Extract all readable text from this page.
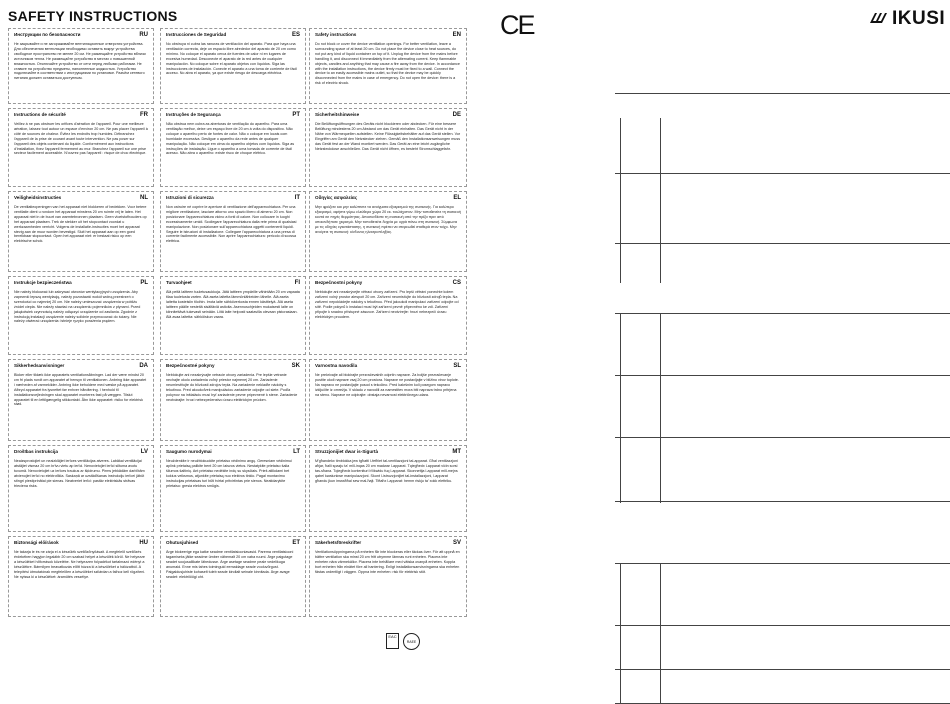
SAFETY INSTRUCTIONS
Инструкции по безопасности	RU
Не закрывайте и не загораживайте вентиляционные отверстия устройства. Для обеспечения вентиляции необходимо оставить вокруг устройства свободное пространство не менее 20 см. Не размещайте устройство вблизи источников тепла. Не размещайте устройство в местах с повышенной влажностью. Отключайте устройство от сети перед любыми работами. Не ставьте на устройство предметы, наполненные жидкостью. Устройство подключайте в соответствии с инструкциями по установке. Разъём сетевого питания должен оставаться доступным.
Instrucciones de Seguridad	ES
No obstruya ni cubra las ranuras de ventilación del aparato. Para que haya una ventilación correcta, deje un espacio libre alrededor del aparato de 20 cm como mínimo. No coloque el aparato cerca de fuentes de calor ni en lugares de excesiva humedad. Desconecte el aparato de la red antes de cualquier manipulación. No coloque sobre el aparato objetos con líquidos. Siga las instrucciones de instalación. Conecte el aparato a una toma de corriente de fácil acceso. No abra el aparato, ya que existe riesgo de descarga eléctrica.
Safety instructions	EN
Do not block or cover the device ventilation openings. For better ventilation, leave a surrounding space of at least 20 cm. Do not place the device close to heat sources, do not put any kind of liquid container on top of it. Unplug the device from the mains before handling it, and disconnect it immediately from the alternating current. Keep flammable objects, candles and anything that may cause a fire away from the device. In accordance with the installation instructions, the device firmly must be fixed to a wall. Connect the device to an easily accessible mains outlet, so that the device may be quickly disconnected from the mains in case of emergency. Do not open the device: there is a risk of electric shock.
Instructions de sécurité	FR
Veillez à ne pas obstruer les orifices d'aération de l'appareil. Pour une meilleure aération, laissez tout autour un espace d'environ 20 cm. Ne pas placer l'appareil à côté de sources de chaleur. Évitez les endroits trop humides. Débranchez l'appareil de la prise de courant avant toute intervention. Ne pas poser sur l'appareil des objets contenant du liquide. Conformément aux instructions d'installation, fixez l'appareil fermement au mur. Branchez l'appareil sur une prise secteur facilement accessible. N'ouvrez pas l'appareil : risque de choc électrique.
Instruções de Segurança	PT
Não obstrua nem cubra as aberturas de ventilação do aparelho. Para uma ventilação melhor, deixe um espaço livre de 20 cm à volta do dispositivo. Não coloque o aparelho perto de fontes de calor. Não o coloque em locais com humidade excessiva. Desligue o aparelho da rede antes de qualquer manipulação. Não coloque em cima do aparelho objetos com líquidos. Siga as instruções de instalação. Ligue o aparelho a uma tomada de corrente de fácil acesso. Não abra o aparelho: existe risco de choque elétrico.
Sicherheitshinweise	DE
Die Belüftungsöffnungen des Geräts nicht blockieren oder abdecken. Für eine bessere Belüftung mindestens 20 cm Abstand um das Gerät einhalten. Das Gerät nicht in der Nähe von Wärmequellen aufstellen. Keine Flüssigkeitsbehälter auf das Gerät stellen. Vor Eingriffen am Gerät den Netzstecker ziehen. Gemäß den Installationsanweisungen muss das Gerät fest an der Wand montiert werden. Das Gerät an eine leicht zugängliche Netzsteckdose anschließen. Das Gerät nicht öffnen, es besteht Stromschlaggefahr.
Veiligheidsinstructies	NL
De ventilatieopeningen van het apparaat niet blokkeren of bedekken. Voor betere ventilatie dient u rondom het apparaat minstens 20 cm ruimte vrij te laten. Het apparaat niet in de buurt van warmtebronnen plaatsen. Geen vloeistofhouders op het apparaat plaatsen. Trek de stekker uit het stopcontact voordat u werkzaamheden verricht. Volgens de installatie-instructies moet het apparaat stevig aan de muur worden bevestigd. Sluit het apparaat aan op een goed bereikbaar stopcontact. Open het apparaat niet: er bestaat risico op een elektrische schok.
Istruzioni di sicurezza	IT
Non ostruire né coprire le aperture di ventilazione dell'apparecchiatura. Per una migliore ventilazione, lasciare attorno uno spazio libero di almeno 20 cm. Non posizionare l'apparecchiatura vicino a fonti di calore. Non collocare in luoghi eccessivamente umidi. Scollegare l'apparecchiatura dalla rete prima di qualsiasi manipolazione. Non posizionare sull'apparecchiatura oggetti contenenti liquidi. Seguire le istruzioni di installazione. Collegare l'apparecchiatura a una presa di corrente facilmente accessibile. Non aprire l'apparecchiatura: pericolo di scossa elettrica.
Οδηγίες ασφαλείας	EL
Μην φράζετε και μην καλύπτετε τα ανοίγματα εξαερισμού της συσκευής. Για καλύτερο εξαερισμό, αφήστε γύρω ελεύθερο χώρο 20 εκ. τουλάχιστον. Μην τοποθετείτε τη συσκευή κοντά σε πηγές θερμότητας. Αποσυνδέστε τη συσκευή από την πρίζα πριν από οποιονδήποτε χειρισμό. Μην τοποθετείτε δοχεία με υγρά πάνω στη συσκευή. Σύμφωνα με τις οδηγίες εγκατάστασης, η συσκευή πρέπει να στερεωθεί σταθερά στον τοίχο. Μην ανοίγετε τη συσκευή: κίνδυνος ηλεκτροπληξίας.
Instrukcje bezpieczeństwa	PL
Nie należy blokować lub zakrywać otworów wentylacyjnych urządzenia. Aby zapewnić lepszą wentylację, należy pozostawić wokół wolną przestrzeń o szerokości co najmniej 20 cm. Nie należy umieszczać urządzenia w pobliżu źródeł ciepła. Nie należy stawiać na urządzeniu pojemników z płynami. Przed jakąkolwiek czynnością należy odłączyć urządzenie od zasilania. Zgodnie z instrukcją instalacji urządzenie należy solidnie przymocować do ściany. Nie należy otwierać urządzenia: istnieje ryzyko porażenia prądem.
Turvaohjeet	FI
Älä peitä laitteen tuuletusaukkoja. Jätä laitteen ympärille vähintään 20 cm vapaata tilaa tuuletusta varten. Älä aseta laitetta lämmönlähteiden lähelle. Älä aseta laitetta kosteisiin tiloihin. Irrota laite sähköverkosta ennen käsittelyä. Älä aseta laitteen päälle nesteitä sisältäviä astioita. Asennusohjeiden mukaisesti laite on kiinnitettävä tukevasti seinään. Liitä laite helposti saatavilla olevaan pistorasiaan. Älä avaa laitetta: sähköiskun vaara.
Bezpečnostní pokyny	CS
Neblokujte ani nezakrývejte větrací otvory zařízení. Pro lepší větrání ponechte kolem zařízení volný prostor alespoň 20 cm. Zařízení neumisťujte do blízkosti zdrojů tepla. Na zařízení nepokládejte nádoby s tekutinou. Před jakoukoli manipulací zařízení odpojte od sítě. Podle pokynů k instalaci musí být zařízení pevně připevněno ke zdi. Zařízení připojte k snadno přístupné zásuvce. Zařízení neotvírejte: hrozí nebezpečí úrazu elektrickým proudem.
Sikkerhedsanvisninger	DA
Bloker eller tildæk ikke apparatets ventilationsåbninger. Lad der være mindst 20 cm fri plads rundt om apparatet af hensyn til ventilationen. Anbring ikke apparatet i nærheden af varmekilder. Anbring ikke beholdere med væske på apparatet. Afbryd apparatet fra lysnettet før enhver håndtering. I henhold til installationsvejledningen skal apparatet monteres fast på væggen. Tilslut apparatet til en lettilgængelig stikkontakt. Åbn ikke apparatet: risiko for elektrisk stød.
Bezpečnostné pokyny	SK
Neblokujte ani nezakrývajte vetracie otvory zariadenia. Pre lepšie vetranie nechajte okolo zariadenia voľný priestor najmenej 20 cm. Zariadenie neumiestňujte do blízkosti zdrojov tepla. Na zariadenie neklaďte nádoby s tekutinou. Pred akoukoľvek manipuláciou zariadenie odpojte od siete. Podľa pokynov na inštaláciu musí byť zariadenie pevne pripevnené k stene. Zariadenie neotvárajte: hrozí nebezpečenstvo úrazu elektrickým prúdom.
Varnostna navodila	SL
Ne prekrivajte ali blokirajte prezračevalnih odprtin naprave. Za boljše prezračevanje pustite okoli naprave vsaj 20 cm prostora. Naprave ne postavljajte v bližino virov toplote. Na napravo ne postavljajte posod s tekočino. Pred kakršnim koli posegom napravo izključite iz omrežja. V skladu z navodili za namestitev mora biti naprava trdno pritrjena na steno. Naprave ne odpirajte: obstaja nevarnost električnega udara.
Drošības instrukcija	LV
Neaizsprostojiet un neaizklājiet ierīces ventilācijas atveres. Labākai ventilācijai atstājiet vismaz 20 cm brīvu vietu ap ierīci. Nenovietojiet ierīci siltuma avotu tuvumā. Nenovietojiet uz ierīces traukus ar šķidrumu. Pirms jebkādām darbībām atvienojiet ierīci no elektrotīkla. Saskaņā ar uzstādīšanas instrukciju ierīcei jābūt stingri piestiprinātai pie sienas. Neatveriet ierīci: pastāv elektriskās strāvas trieciena risks.
Saugumo nurodymai	LT
Neuždenkite ir neužblokuokite prietaiso vėdinimo angų. Geresniam vėdinimui aplink prietaisą palikite bent 20 cm laisvos vietos. Nestatykite prietaiso šalia šilumos šaltinių. Ant prietaiso nedėkite indų su skysčiais. Prieš atlikdami bet kokius veiksmus, atjunkite prietaisą nuo elektros tinklo. Pagal montavimo instrukcijas prietaisas turi būti tvirtai pritvirtintas prie sienos. Neatidarykite prietaiso: gresia elektros smūgis.
Struzzjonijiet dwar is-Sigurtà	MT
M'għandekx timblokka jew tgħatti l-fetħiet tal-ventilazzjoni tal-apparat. Għal ventilazzjoni aħjar, ħalli spazju ta' mill-inqas 20 cm madwar l-apparat. Tqiegħedx l-apparat viċin sorsi tas-sħana. Tqiegħedx kontenituri b'likwidu fuq l-apparat. Skonnettja l-apparat mill-mejns qabel kwalunkwe manipulazzjoni. Skont l-istruzzjonijiet tal-installazzjoni, l-apparat għandu jkun imwaħħal sew mal-ħajt. Tiftaħx l-apparat: hemm riskju ta' xokk elettriku.
Biztonsági előírások	HU
Ne takarja le és ne zárja el a készülék szellőzőnyílásait. A megfelelő szellőzés érdekében hagyjon legalább 20 cm szabad helyet a készülék körül. Ne helyezze a készüléket hőforrások közelébe. Ne helyezzen folyadékot tartalmazó edényt a készülékre. Bármilyen beavatkozás előtt húzza ki a készüléket a hálózatból. A telepítési útmutatónak megfelelően a készüléket szilárdan a falhoz kell rögzíteni. Ne nyissa ki a készüléket: áramütés veszélye.
Ohutusjuhised	ET
Ärge blokeerige ega katke seadme ventilatsiooniavasid. Parema ventilatsiooni tagamiseks jätke seadme ümber vähemalt 20 cm vaba ruumi. Ärge paigutage seadet soojusallikate lähedusse. Ärge asetage seadme peale vedelikuga anumaid. Enne mis tahes toiminguid eemaldage seade vooluvõrgust. Paigaldusjuhiste kohaselt tuleb seade kindlalt seinale kinnitada. Ärge avage seadet: elektrilöögi oht.
Säkerhetsföreskrifter	SV
Ventilationsöppningarna på enheten får inte blockeras eller täckas över. För att uppnå en bättre ventilation ska minst 20 cm fritt utrymme lämnas runt enheten. Placera inte enheten nära värmekällor. Placera inte behållare med vätska ovanpå enheten. Koppla bort enheten från elnätet före all hantering. Enligt installationsanvisningarna ska enheten fästas ordentligt i väggen. Öppna inte enheten: risk för elektrisk stöt.
CE	IKUSI
EAC
RAEE
